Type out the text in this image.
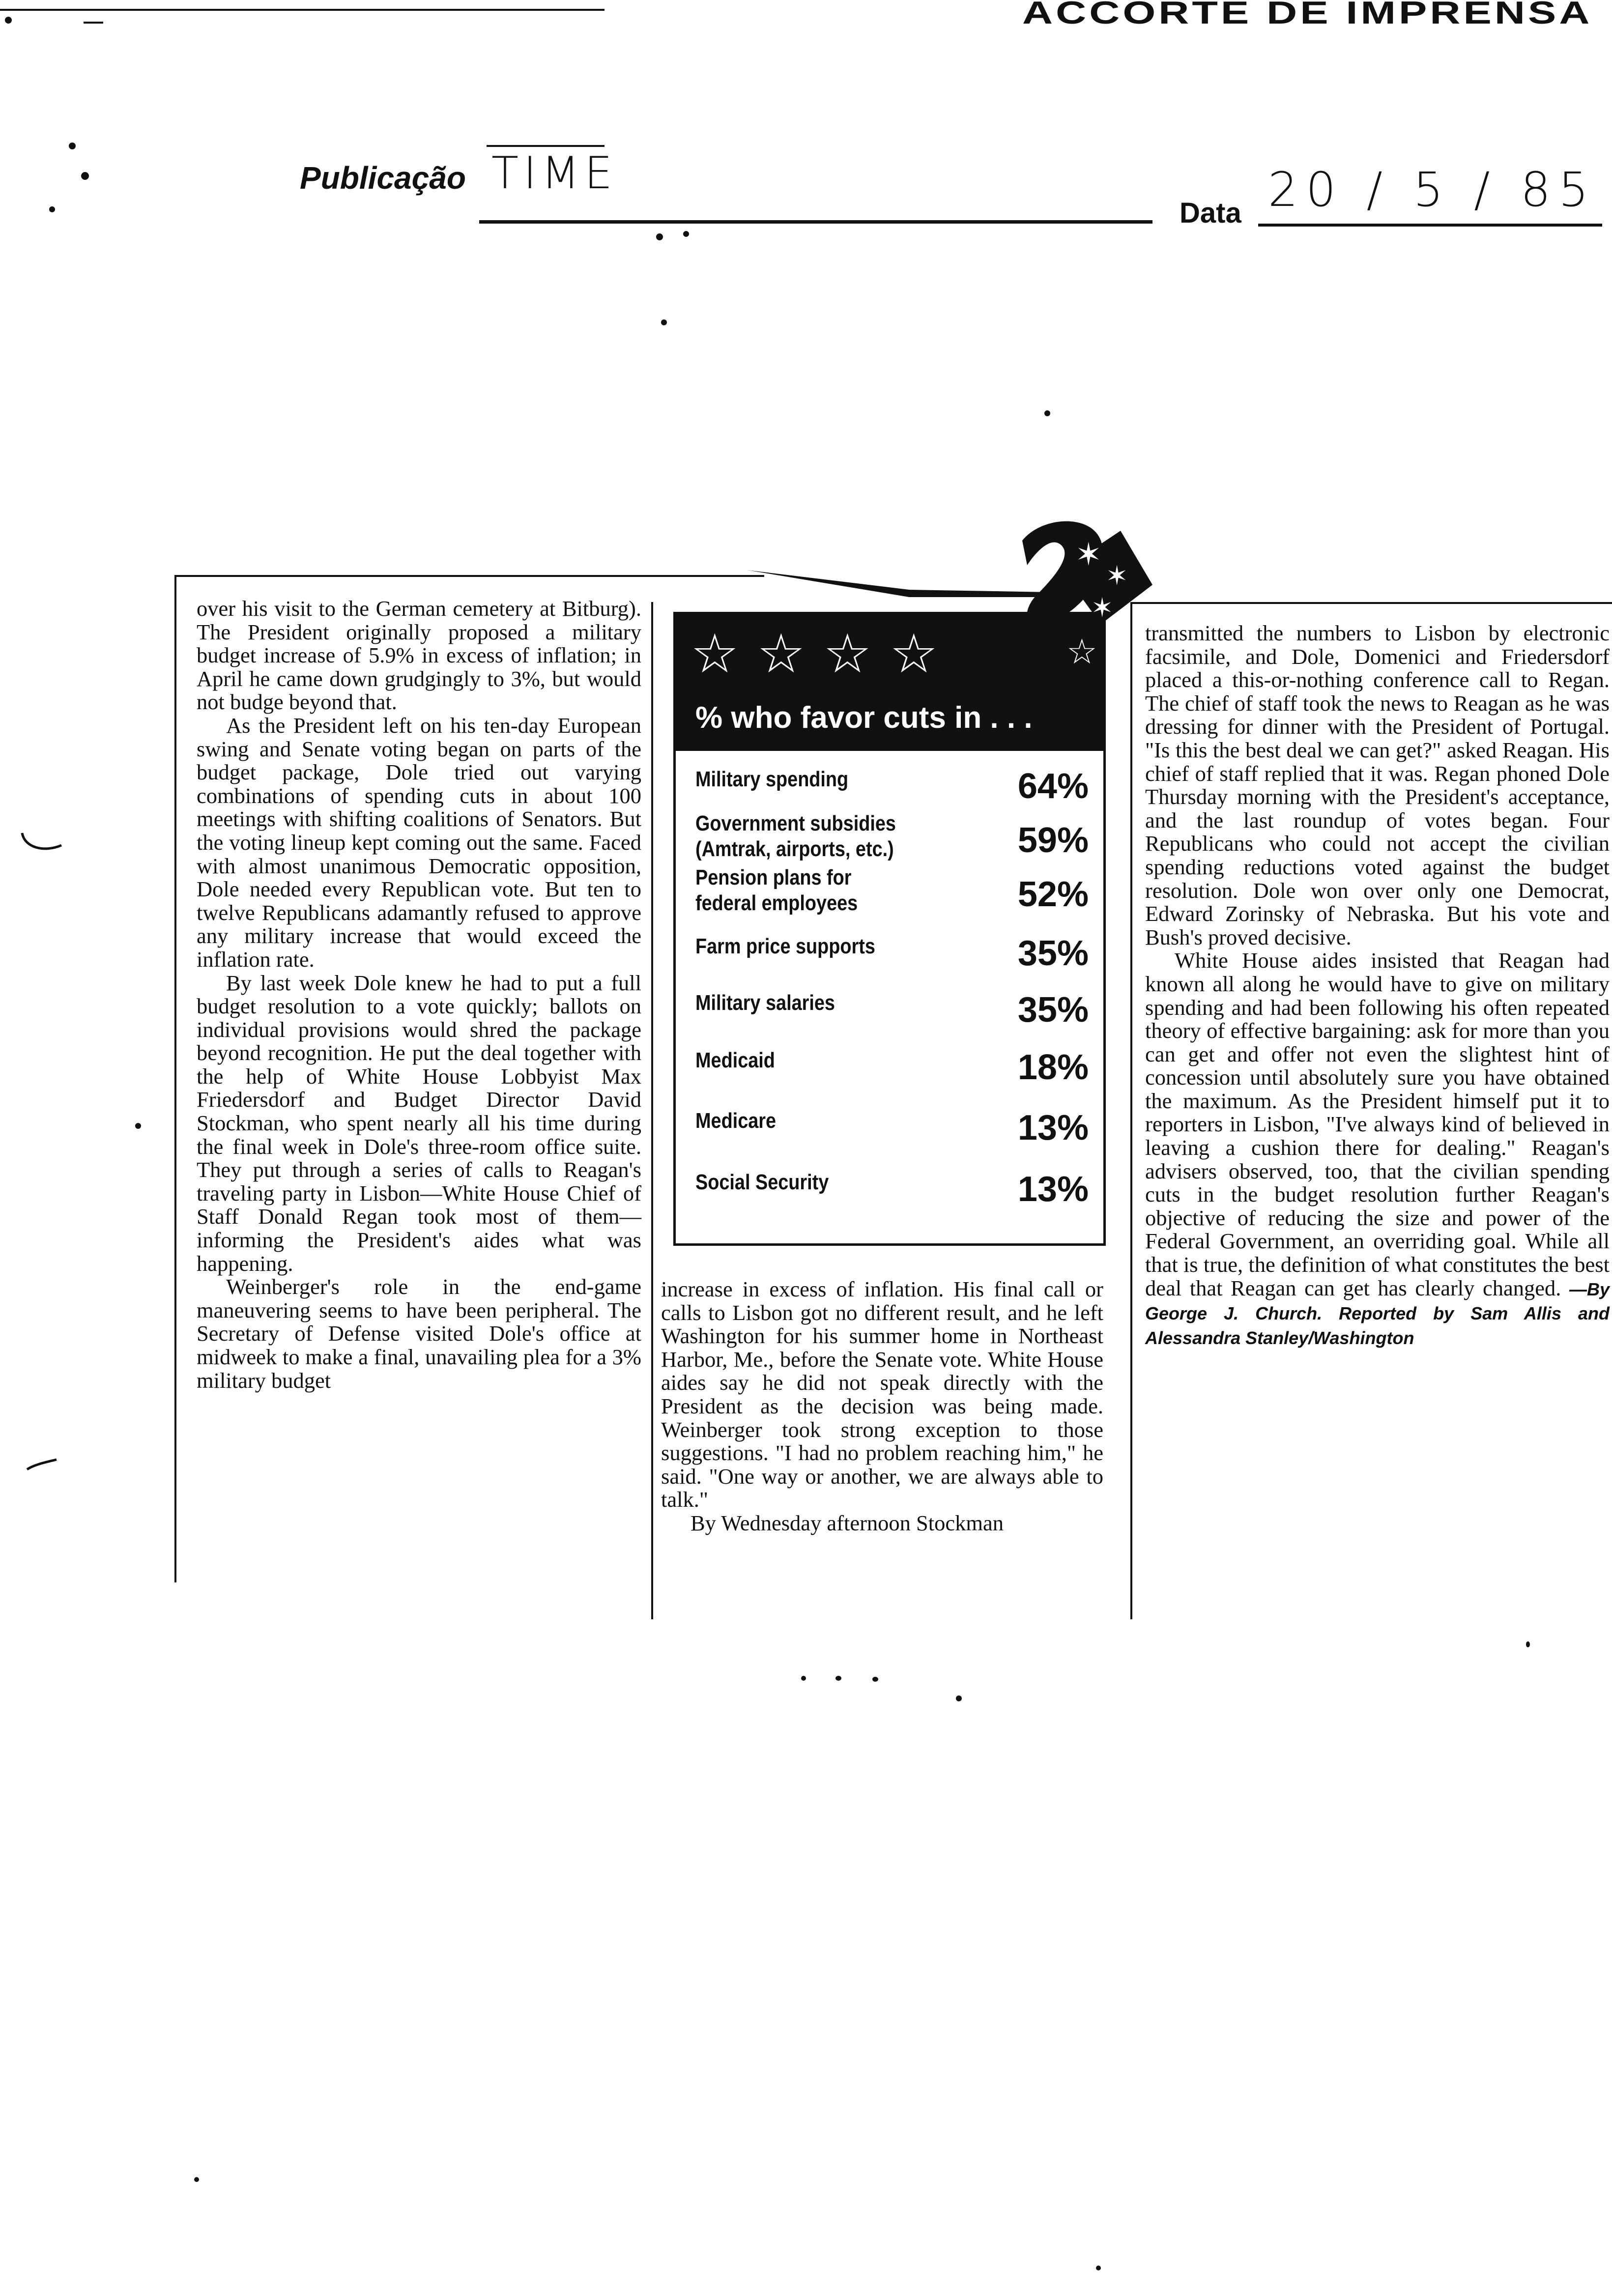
ACCORTE DE IMPRENSA
Publicação TIME
Data 20 / 5 / 85

over his visit to the German cemetery at Bitburg). The President originally proposed a military budget increase of 5.9% in excess of inflation; in April he came down grudgingly to 3%, but would not budge beyond that.

As the President left on his ten-day European swing and Senate voting began on parts of the budget package, Dole tried out varying combinations of spending cuts in about 100 meetings with shifting coalitions of Senators. But the voting lineup kept coming out the same. Faced with almost unanimous Democratic opposition, Dole needed every Republican vote. But ten to twelve Republicans adamantly refused to approve any military increase that would exceed the inflation rate.

By last week Dole knew he had to put a full budget resolution to a vote quickly; ballots on individual provisions would shred the package beyond recognition. He put the deal together with the help of White House Lobbyist Max Friedersdorf and Budget Director David Stockman, who spent nearly all his time during the final week in Dole's three-room office suite. They put through a series of calls to Reagan's traveling party in Lisbon—White House Chief of Staff Donald Regan took most of them—informing the President's aides what was happening.

Weinberger's role in the end-game maneuvering seems to have been peripheral. The Secretary of Defense visited Dole's office at midweek to make a final, unavailing plea for a 3% military budget

increase in excess of inflation. His final call or calls to Lisbon got no different result, and he left Washington for his summer home in Northeast Harbor, Me., before the Senate vote. White House aides say he did not speak directly with the President as the decision was being made. Weinberger took strong exception to those suggestions. "I had no problem reaching him," he said. "One way or another, we are always able to talk."

By Wednesday afternoon Stockman

transmitted the numbers to Lisbon by electronic facsimile, and Dole, Domenici and Friedersdorf placed a this-or-nothing conference call to Regan. The chief of staff took the news to Reagan as he was dressing for dinner with the President of Portugal. "Is this the best deal we can get?" asked Reagan. His chief of staff replied that it was. Regan phoned Dole Thursday morning with the President's acceptance, and the last roundup of votes began. Four Republicans who could not accept the civilian spending reductions voted against the budget resolution. Dole won over only one Democrat, Edward Zorinsky of Nebraska. But his vote and Bush's proved decisive.

White House aides insisted that Reagan had known all along he would have to give on military spending and had been following his often repeated theory of effective bargaining: ask for more than you can get and offer not even the slightest hint of concession until absolutely sure you have obtained the maximum. As the President himself put it to reporters in Lisbon, "I've always kind of believed in leaving a cushion there for dealing." Reagan's advisers observed, too, that the civilian spending cuts in the budget resolution further Reagan's objective of reducing the size and power of the Federal Government, an overriding goal. While all that is true, the definition of what constitutes the best deal that Reagan can get has clearly changed. —By George J. Church. Reported by Sam Allis and Alessandra Stanley/Washington

☆ ☆ ☆ ☆
% who favor cuts in . . .
Military spending	64%
Government subsidies
(Amtrak, airports, etc.)	59%
Pension plans for
federal employees	52%
Farm price supports	35%
Military salaries	35%
Medicaid	18%
Medicare	13%
Social Security	13%
✶
✶
✶
☆
